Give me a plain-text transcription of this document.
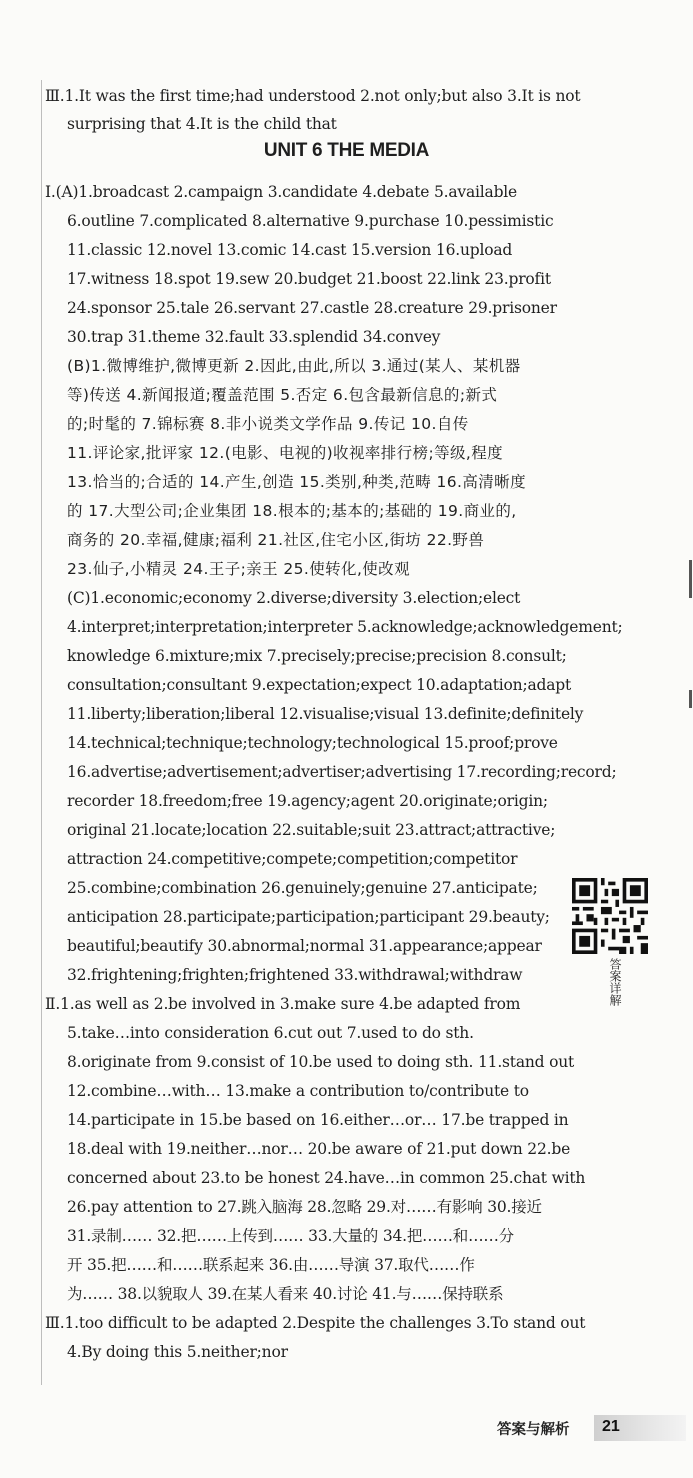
Ⅲ.1.It was the first time;had understood 2.not only;but also 3.It is not
surprising that 4.It is the child that
UNIT 6 THE MEDIA
Ⅰ.(A)1.broadcast 2.campaign 3.candidate 4.debate 5.available
6.outline 7.complicated 8.alternative 9.purchase 10.pessimistic
11.classic 12.novel 13.comic 14.cast 15.version 16.upload
17.witness 18.spot 19.sew 20.budget 21.boost 22.link 23.profit
24.sponsor 25.tale 26.servant 27.castle 28.creature 29.prisoner
30.trap 31.theme 32.fault 33.splendid 34.convey
(B)1.微博维护,微博更新 2.因此,由此,所以 3.通过(某人、某机器
等)传送 4.新闻报道;覆盖范围 5.否定 6.包含最新信息的;新式
的;时髦的 7.锦标赛 8.非小说类文学作品 9.传记 10.自传
11.评论家,批评家 12.(电影、电视的)收视率排行榜;等级,程度
13.恰当的;合适的 14.产生,创造 15.类别,种类,范畴 16.高清晰度
的 17.大型公司;企业集团 18.根本的;基本的;基础的 19.商业的,
商务的 20.幸福,健康;福利 21.社区,住宅小区,街坊 22.野兽
23.仙子,小精灵 24.王子;亲王 25.使转化,使改观
(C)1.economic;economy 2.diverse;diversity 3.election;elect
4.interpret;interpretation;interpreter 5.acknowledge;acknowledgement;
knowledge 6.mixture;mix 7.precisely;precise;precision 8.consult;
consultation;consultant 9.expectation;expect 10.adaptation;adapt
11.liberty;liberation;liberal 12.visualise;visual 13.definite;definitely
14.technical;technique;technology;technological 15.proof;prove
16.advertise;advertisement;advertiser;advertising 17.recording;record;
recorder 18.freedom;free 19.agency;agent 20.originate;origin;
original 21.locate;location 22.suitable;suit 23.attract;attractive;
attraction 24.competitive;compete;competition;competitor
25.combine;combination 26.genuinely;genuine 27.anticipate;
anticipation 28.participate;participation;participant 29.beauty;
beautiful;beautify 30.abnormal;normal 31.appearance;appear
32.frightening;frighten;frightened 33.withdrawal;withdraw
Ⅱ.1.as well as 2.be involved in 3.make sure 4.be adapted from
5.take…into consideration 6.cut out 7.used to do sth.
8.originate from 9.consist of 10.be used to doing sth. 11.stand out
12.combine…with… 13.make a contribution to/contribute to
14.participate in 15.be based on 16.either…or… 17.be trapped in
18.deal with 19.neither…nor… 20.be aware of 21.put down 22.be
concerned about 23.to be honest 24.have…in common 25.chat with
26.pay attention to 27.跳入脑海 28.忽略 29.对……有影响 30.接近
31.录制…… 32.把……上传到…… 33.大量的 34.把……和……分
开 35.把……和……联系起来 36.由……导演 37.取代……作
为…… 38.以貌取人 39.在某人看来 40.讨论 41.与……保持联系
Ⅲ.1.too difficult to be adapted 2.Despite the challenges 3.To stand out
4.By doing this 5.neither;nor
答案详解
答案与解析 21
